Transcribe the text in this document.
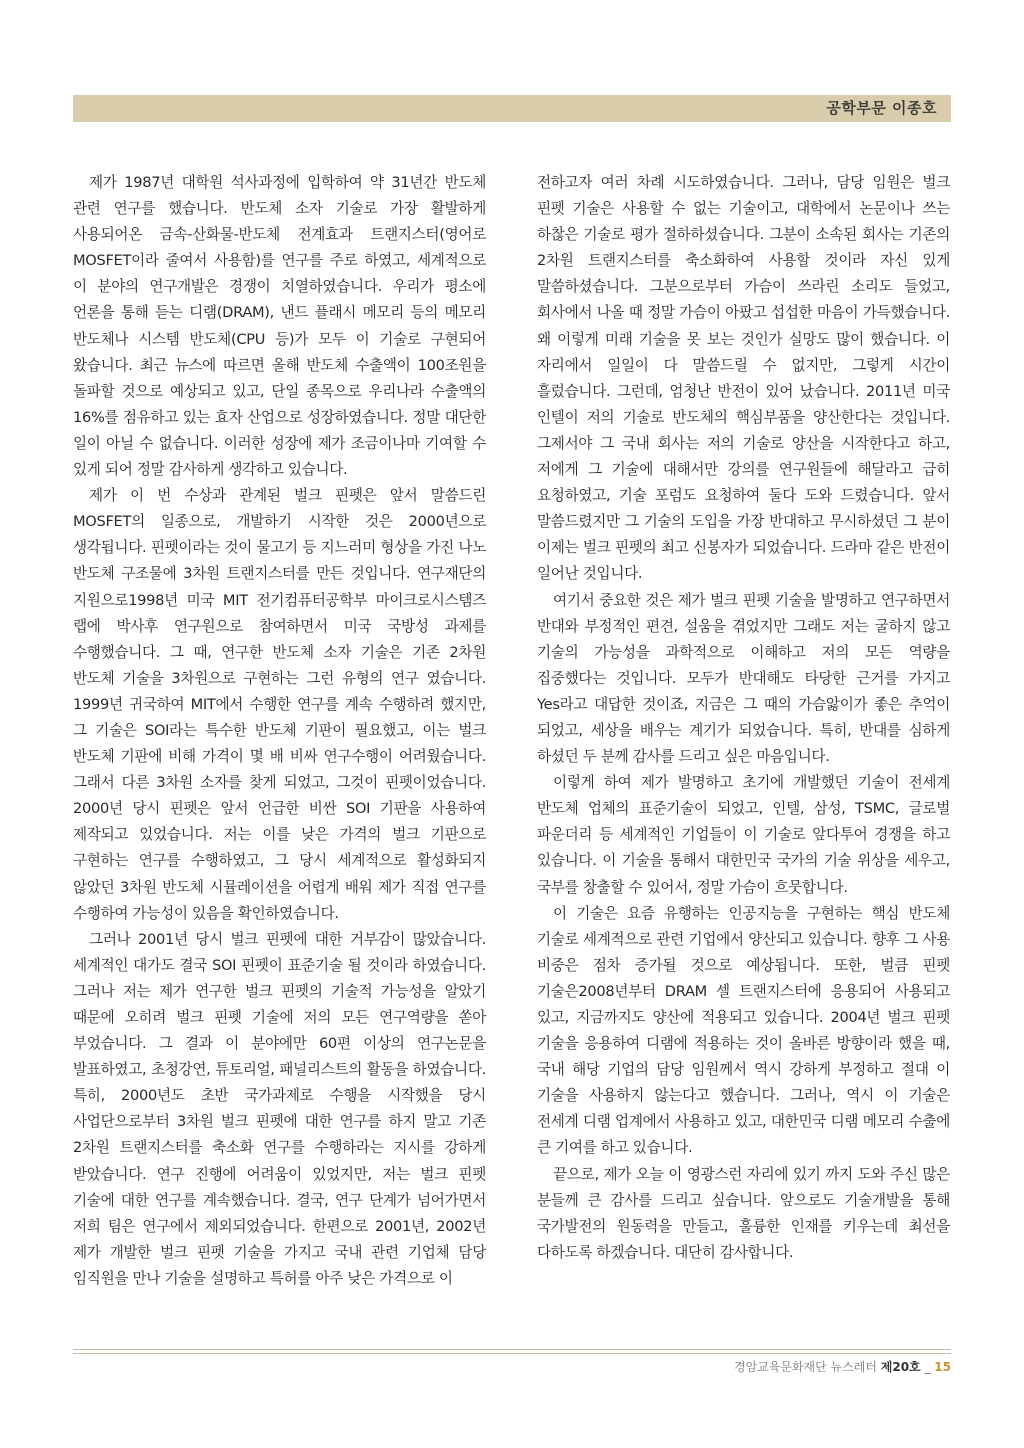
공학부문 이종호

제가 1987년 대학원 석사과정에 입학하여 약 31년간 반도체 관련 연구를 했습니다. 반도체 소자 기술로 가장 활발하게 사용되어온 금속-산화물-반도체 전계효과 트랜지스터(영어로 MOSFET이라 줄여서 사용함)를 연구를 주로 하였고, 세계적으로 이 분야의 연구개발은 경쟁이 치열하였습니다. 우리가 평소에 언론을 통해 듣는 디램(DRAM), 낸드 플래시 메모리 등의 메모리 반도체나 시스템 반도체(CPU 등)가 모두 이 기술로 구현되어 왔습니다. 최근 뉴스에 따르면 올해 반도체 수출액이 100조원을 돌파할 것으로 예상되고 있고, 단일 종목으로 우리나라 수출액의 16%를 점유하고 있는 효자 산업으로 성장하였습니다. 정말 대단한 일이 아닐 수 없습니다. 이러한 성장에 제가 조금이나마 기여할 수 있게 되어 정말 감사하게 생각하고 있습니다.

제가 이 번 수상과 관계된 벌크 핀펫은 앞서 말씀드린 MOSFET의 일종으로, 개발하기 시작한 것은 2000년으로 생각됩니다. 핀펫이라는 것이 물고기 등 지느러미 형상을 가진 나노 반도체 구조물에 3차원 트랜지스터를 만든 것입니다. 연구재단의 지원으로1998년 미국 MIT 전기컴퓨터공학부 마이크로시스템즈 랩에 박사후 연구원으로 참여하면서 미국 국방성 과제를 수행했습니다. 그 때, 연구한 반도체 소자 기술은 기존 2차원 반도체 기술을 3차원으로 구현하는 그런 유형의 연구 였습니다. 1999년 귀국하여 MIT에서 수행한 연구를 계속 수행하려 했지만, 그 기술은 SOI라는 특수한 반도체 기판이 필요했고, 이는 벌크 반도체 기판에 비해 가격이 몇 배 비싸 연구수행이 어려웠습니다. 그래서 다른 3차원 소자를 찾게 되었고, 그것이 핀펫이었습니다. 2000년 당시 핀펫은 앞서 언급한 비싼 SOI 기판을 사용하여 제작되고 있었습니다. 저는 이를 낮은 가격의 벌크 기판으로 구현하는 연구를 수행하였고, 그 당시 세계적으로 활성화되지 않았던 3차원 반도체 시뮬레이션을 어렵게 배워 제가 직접 연구를 수행하여 가능성이 있음을 확인하였습니다.

그러나 2001년 당시 벌크 핀펫에 대한 거부감이 많았습니다. 세계적인 대가도 결국 SOI 핀펫이 표준기술 될 것이라 하였습니다. 그러나 저는 제가 연구한 벌크 핀펫의 기술적 가능성을 알았기 때문에 오히려 벌크 핀펫 기술에 저의 모든 연구역량을 쏟아 부었습니다. 그 결과 이 분야에만 60편 이상의 연구논문을 발표하였고, 초청강연, 튜토리얼, 패널리스트의 활동을 하였습니다. 특히, 2000년도 초반 국가과제로 수행을 시작했을 당시 사업단으로부터 3차원 벌크 핀펫에 대한 연구를 하지 말고 기존 2차원 트랜지스터를 축소화 연구를 수행하라는 지시를 강하게 받았습니다. 연구 진행에 어려움이 있었지만, 저는 벌크 핀펫 기술에 대한 연구를 계속했습니다. 결국, 연구 단계가 넘어가면서 저희 팀은 연구에서 제외되었습니다. 한편으로 2001년, 2002년 제가 개발한 벌크 핀펫 기술을 가지고 국내 관련 기업체 담당 임직원을 만나 기술을 설명하고 특허를 아주 낮은 가격으로 이

전하고자 여러 차례 시도하였습니다. 그러나, 담당 임원은 벌크 핀펫 기술은 사용할 수 없는 기술이고, 대학에서 논문이나 쓰는 하찮은 기술로 평가 절하하셨습니다. 그분이 소속된 회사는 기존의 2차원 트랜지스터를 축소화하여 사용할 것이라 자신 있게 말씀하셨습니다. 그분으로부터 가슴이 쓰라린 소리도 들었고, 회사에서 나올 때 정말 가슴이 아팠고 섭섭한 마음이 가득했습니다. 왜 이렇게 미래 기술을 못 보는 것인가 실망도 많이 했습니다. 이 자리에서 일일이 다 말씀드릴 수 없지만, 그렇게 시간이 흘렀습니다. 그런데, 엄청난 반전이 있어 났습니다. 2011년 미국 인텔이 저의 기술로 반도체의 핵심부품을 양산한다는 것입니다. 그제서야 그 국내 회사는 저의 기술로 양산을 시작한다고 하고, 저에게 그 기술에 대해서만 강의를 연구원들에 해달라고 급히 요청하였고, 기술 포럼도 요청하여 둘다 도와 드렸습니다. 앞서 말씀드렸지만 그 기술의 도입을 가장 반대하고 무시하셨던 그 분이 이제는 벌크 핀펫의 최고 신봉자가 되었습니다. 드라마 같은 반전이 일어난 것입니다.

여기서 중요한 것은 제가 벌크 핀펫 기술을 발명하고 연구하면서 반대와 부정적인 편견, 설움을 겪었지만 그래도 저는 굴하지 않고 기술의 가능성을 과학적으로 이해하고 저의 모든 역량을 집중했다는 것입니다. 모두가 반대해도 타당한 근거를 가지고 Yes라고 대답한 것이죠, 지금은 그 때의 가슴앓이가 좋은 추억이 되었고, 세상을 배우는 계기가 되었습니다. 특히, 반대를 심하게 하셨던 두 분께 감사를 드리고 싶은 마음입니다.

이렇게 하여 제가 발명하고 초기에 개발했던 기술이 전세계 반도체 업체의 표준기술이 되었고, 인텔, 삼성, TSMC, 글로벌 파운더리 등 세계적인 기업들이 이 기술로 앞다투어 경쟁을 하고 있습니다. 이 기술을 통해서 대한민국 국가의 기술 위상을 세우고, 국부를 창출할 수 있어서, 정말 가슴이 흐뭇합니다.

이 기술은 요즘 유행하는 인공지능을 구현하는 핵심 반도체 기술로 세계적으로 관련 기업에서 양산되고 있습니다. 향후 그 사용 비중은 점차 증가될 것으로 예상됩니다. 또한, 벌큼 핀펫 기술은2008년부터 DRAM 셀 트랜지스터에 응용되어 사용되고 있고, 지금까지도 양산에 적용되고 있습니다. 2004년 벌크 핀펫 기술을 응용하여 디램에 적용하는 것이 올바른 방향이라 했을 때, 국내 해당 기업의 담당 임원께서 역시 강하게 부정하고 절대 이 기술을 사용하지 않는다고 했습니다. 그러나, 역시 이 기술은 전세계 디램 업계에서 사용하고 있고, 대한민국 디램 메모리 수출에 큰 기여를 하고 있습니다.

끝으로, 제가 오늘 이 영광스런 자리에 있기 까지 도와 주신 많은 분들께 큰 감사를 드리고 싶습니다. 앞으로도 기술개발을 통해 국가발전의 원동력을 만들고, 훌륭한 인재를 키우는데 최선을 다하도록 하겠습니다. 대단히 감사합니다.

경암교육문화재단 뉴스레터 제20호 _ 15
